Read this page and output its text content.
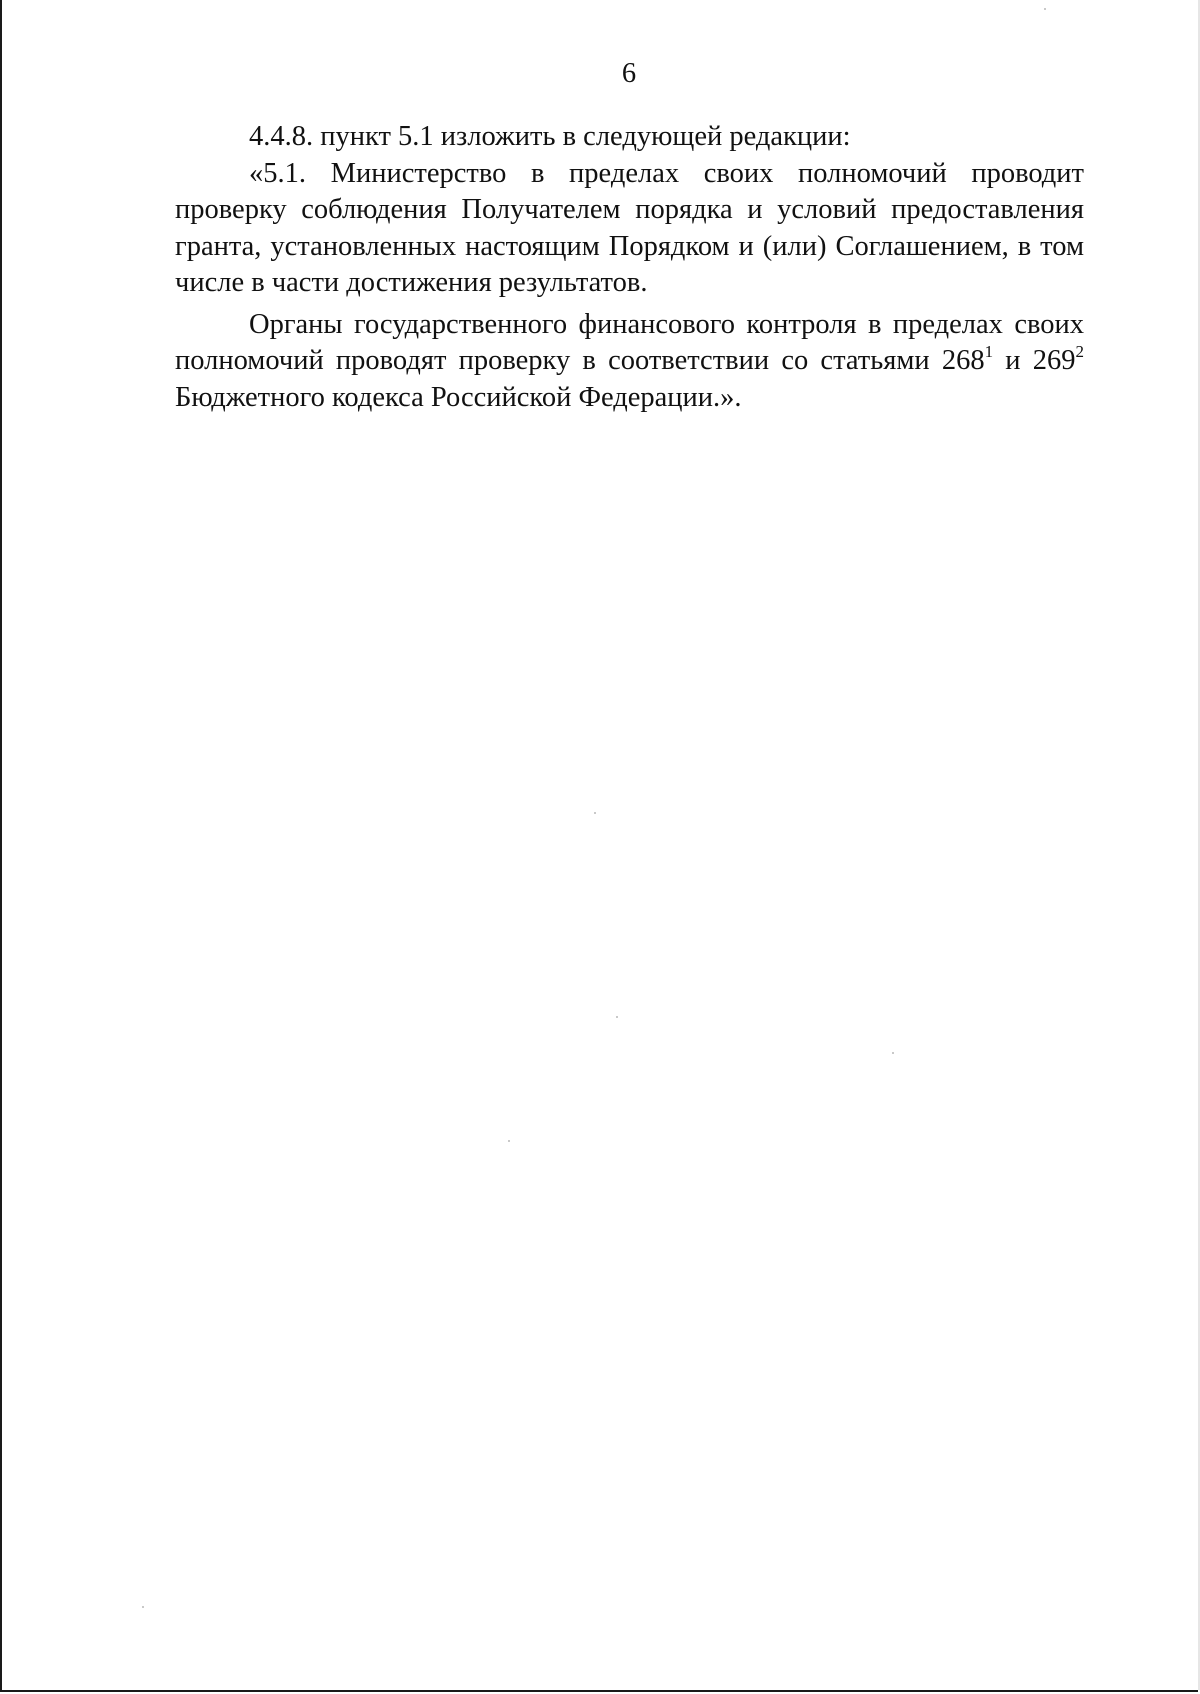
6

4.4.8. пункт 5.1 изложить в следующей редакции:

«5.1. Министерство в пределах своих полномочий проводит проверку соблюдения Получателем порядка и условий предоставления гранта, установленных настоящим Порядком и (или) Соглашением, в том числе в части достижения результатов.

Органы государственного финансового контроля в пределах своих полномочий проводят проверку в соответствии со статьями $268^1$ и $269^2$ Бюджетного кодекса Российской Федерации.».
